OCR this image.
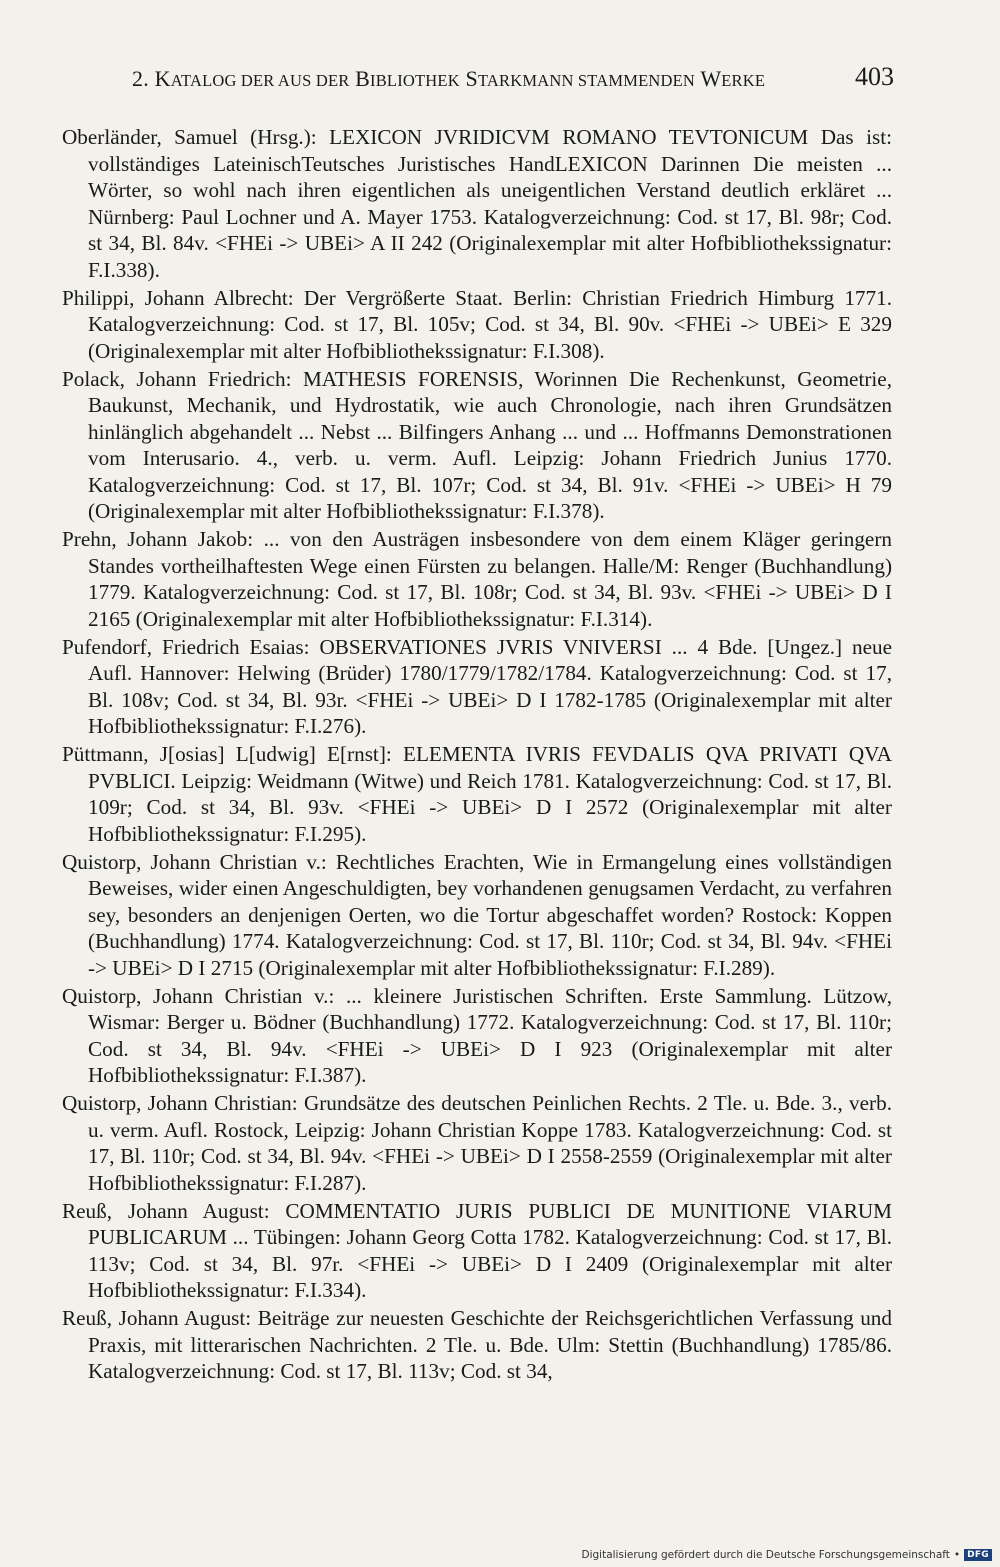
2. KATALOG DER AUS DER BIBLIOTHEK STARKMANN STAMMENDEN WERKE	403
Oberländer, Samuel (Hrsg.): LEXICON JVRIDICVM ROMANO TEVTONICUM Das ist: vollständiges LateinischTeutsches Juristisches HandLEXICON Darinnen Die meisten ... Wörter, so wohl nach ihren eigentlichen als uneigentlichen Verstand deutlich erkläret ... Nürnberg: Paul Lochner und A. Mayer 1753. Katalogverzeichnung: Cod. st 17, Bl. 98r; Cod. st 34, Bl. 84v. <FHEi -> UBEi> A II 242 (Originalexemplar mit alter Hofbibliothekssignatur: F.I.338).
Philippi, Johann Albrecht: Der Vergrößerte Staat. Berlin: Christian Friedrich Himburg 1771. Katalogverzeichnung: Cod. st 17, Bl. 105v; Cod. st 34, Bl. 90v. <FHEi -> UBEi> E 329 (Originalexemplar mit alter Hofbibliothekssignatur: F.I.308).
Polack, Johann Friedrich: MATHESIS FORENSIS, Worinnen Die Rechenkunst, Geometrie, Baukunst, Mechanik, und Hydrostatik, wie auch Chronologie, nach ihren Grundsätzen hinlänglich abgehandelt ... Nebst ... Bilfingers Anhang ... und ... Hoffmanns Demonstrationen vom Interusario. 4., verb. u. verm. Aufl. Leipzig: Johann Friedrich Junius 1770. Katalogverzeichnung: Cod. st 17, Bl. 107r; Cod. st 34, Bl. 91v. <FHEi -> UBEi> H 79 (Originalexemplar mit alter Hofbibliothekssignatur: F.I.378).
Prehn, Johann Jakob: ... von den Austrägen insbesondere von dem einem Kläger geringern Standes vortheilhaftesten Wege einen Fürsten zu belangen. Halle/M: Renger (Buchhandlung) 1779. Katalogverzeichnung: Cod. st 17, Bl. 108r; Cod. st 34, Bl. 93v. <FHEi -> UBEi> D I 2165 (Originalexemplar mit alter Hofbibliothekssignatur: F.I.314).
Pufendorf, Friedrich Esaias: OBSERVATIONES JVRIS VNIVERSI ... 4 Bde. [Ungez.] neue Aufl. Hannover: Helwing (Brüder) 1780/1779/1782/1784. Katalogverzeichnung: Cod. st 17, Bl. 108v; Cod. st 34, Bl. 93r. <FHEi -> UBEi> D I 1782-1785 (Originalexemplar mit alter Hofbibliothekssignatur: F.I.276).
Püttmann, J[osias] L[udwig] E[rnst]: ELEMENTA IVRIS FEVDALIS QVA PRIVATI QVA PVBLICI. Leipzig: Weidmann (Witwe) und Reich 1781. Katalogverzeichnung: Cod. st 17, Bl. 109r; Cod. st 34, Bl. 93v. <FHEi -> UBEi> D I 2572 (Originalexemplar mit alter Hofbibliothekssignatur: F.I.295).
Quistorp, Johann Christian v.: Rechtliches Erachten, Wie in Ermangelung eines vollständigen Beweises, wider einen Angeschuldigten, bey vorhandenen genugsamen Verdacht, zu verfahren sey, besonders an denjenigen Oerten, wo die Tortur abgeschaffet worden? Rostock: Koppen (Buchhandlung) 1774. Katalogverzeichnung: Cod. st 17, Bl. 110r; Cod. st 34, Bl. 94v. <FHEi -> UBEi> D I 2715 (Originalexemplar mit alter Hofbibliothekssignatur: F.I.289).
Quistorp, Johann Christian v.: ... kleinere Juristischen Schriften. Erste Sammlung. Lützow, Wismar: Berger u. Bödner (Buchhandlung) 1772. Katalogverzeichnung: Cod. st 17, Bl. 110r; Cod. st 34, Bl. 94v. <FHEi -> UBEi> D I 923 (Originalexemplar mit alter Hofbibliothekssignatur: F.I.387).
Quistorp, Johann Christian: Grundsätze des deutschen Peinlichen Rechts. 2 Tle. u. Bde. 3., verb. u. verm. Aufl. Rostock, Leipzig: Johann Christian Koppe 1783. Katalogverzeichnung: Cod. st 17, Bl. 110r; Cod. st 34, Bl. 94v. <FHEi -> UBEi> D I 2558-2559 (Originalexemplar mit alter Hofbibliothekssignatur: F.I.287).
Reuß, Johann August: COMMENTATIO JURIS PUBLICI DE MUNITIONE VIARUM PUBLICARUM ... Tübingen: Johann Georg Cotta 1782. Katalogverzeichnung: Cod. st 17, Bl. 113v; Cod. st 34, Bl. 97r. <FHEi -> UBEi> D I 2409 (Originalexemplar mit alter Hofbibliothekssignatur: F.I.334).
Reuß, Johann August: Beiträge zur neuesten Geschichte der Reichsgerichtlichen Verfassung und Praxis, mit litterarischen Nachrichten. 2 Tle. u. Bde. Ulm: Stettin (Buchhandlung) 1785/86. Katalogverzeichnung: Cod. st 17, Bl. 113v; Cod. st 34,
Digitalisierung gefördert durch die Deutsche Forschungsgemeinschaft • DFG
